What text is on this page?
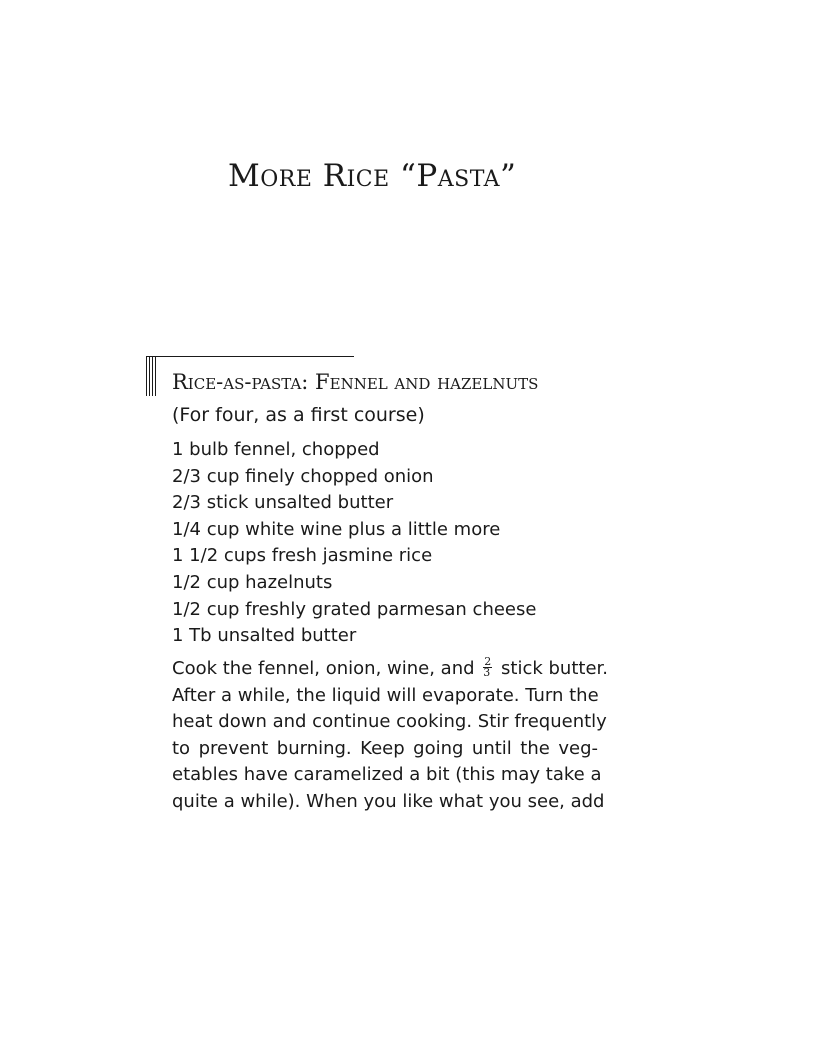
More Rice “Pasta”
Rice-as-pasta: Fennel and hazelnuts
(For four, as a first course)
1 bulb fennel, chopped
2/3 cup finely chopped onion
2/3 stick unsalted butter
1/4 cup white wine plus a little more
1 1/2 cups fresh jasmine rice
1/2 cup hazelnuts
1/2 cup freshly grated parmesan cheese
1 Tb unsalted butter
Cook the fennel, onion, wine, and $\frac{2}{3}$ stick butter.
After a while, the liquid will evaporate. Turn the
heat down and continue cooking. Stir frequently
to prevent burning. Keep going until the veg-
etables have caramelized a bit (this may take a
quite a while). When you like what you see, add
